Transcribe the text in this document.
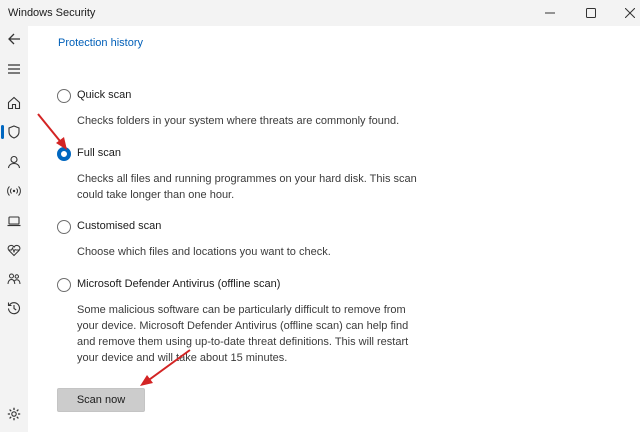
Windows Security
Protection history
Quick scan
Checks folders in your system where threats are commonly found.
Full scan
Checks all files and running programmes on your hard disk. This scan could take longer than one hour.
Customised scan
Choose which files and locations you want to check.
Microsoft Defender Antivirus (offline scan)
Some malicious software can be particularly difficult to remove from your device. Microsoft Defender Antivirus (offline scan) can help find and remove them using up-to-date threat definitions. This will restart your device and will take about 15 minutes.
Scan now
